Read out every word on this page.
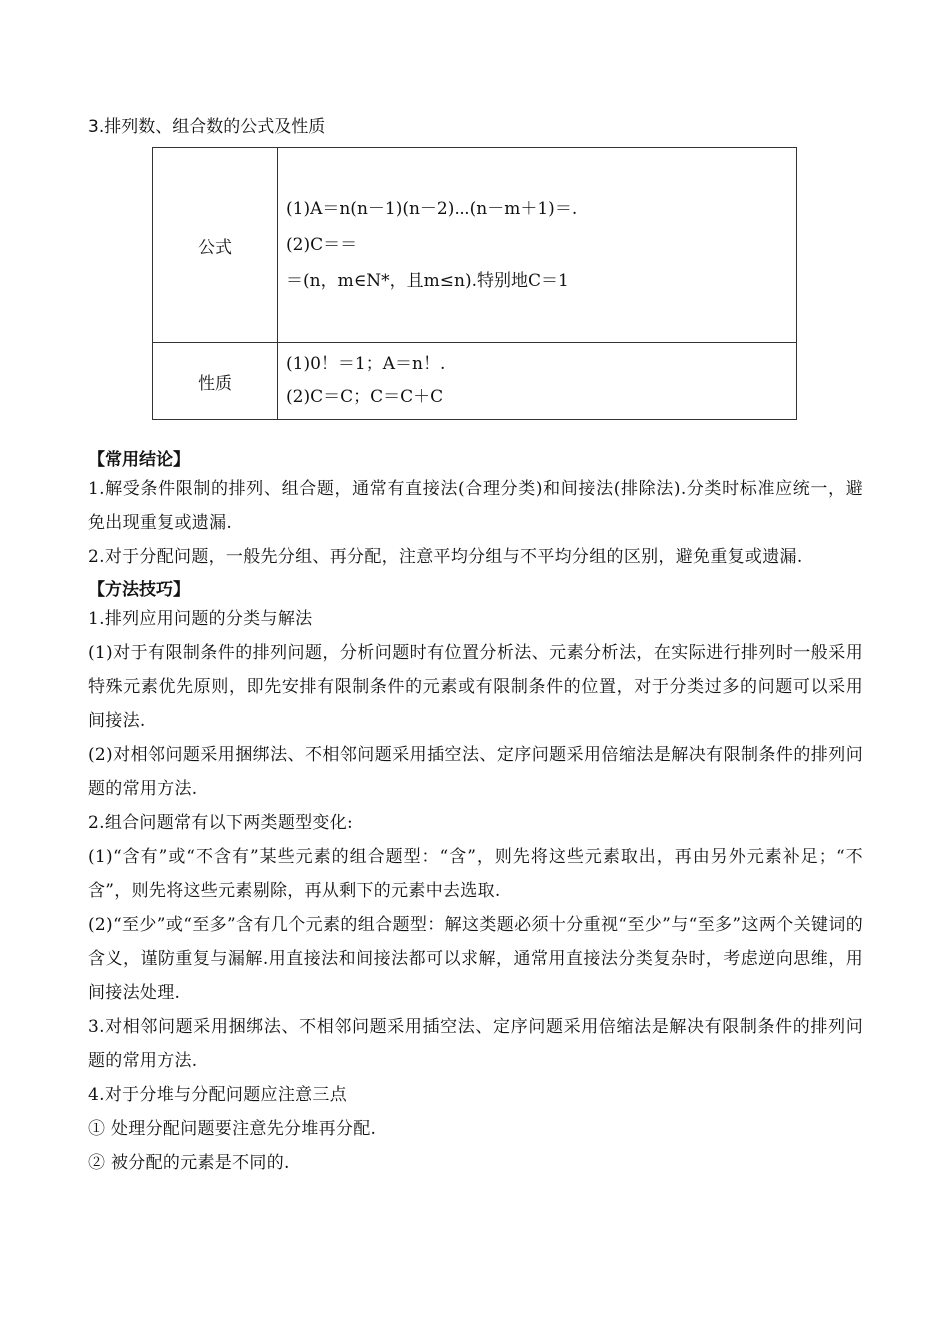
3.排列数、组合数的公式及性质
公式	(1)A＝n(n－1)(n－2)⋯(n－m＋1)＝.
(2)C＝＝
＝(n，m∈N*，且m≤n).特别地C＝1

性质	(1)0！＝1；A＝n！.
(2)C＝C；C＝C＋C
【常用结论】

1.解受条件限制的排列、组合题，通常有直接法(合理分类)和间接法(排除法).分类时标准应统一，避免出现重复或遗漏.

2.对于分配问题，一般先分组、再分配，注意平均分组与不平均分组的区别，避免重复或遗漏.

【方法技巧】

1.排列应用问题的分类与解法

(1)对于有限制条件的排列问题，分析问题时有位置分析法、元素分析法，在实际进行排列时一般采用特殊元素优先原则，即先安排有限制条件的元素或有限制条件的位置，对于分类过多的问题可以采用间接法.

(2)对相邻问题采用捆绑法、不相邻问题采用插空法、定序问题采用倍缩法是解决有限制条件的排列问题的常用方法.

2.组合问题常有以下两类题型变化:

(1)“含有”或“不含有”某些元素的组合题型：“含”，则先将这些元素取出，再由另外元素补足；“不含”，则先将这些元素剔除，再从剩下的元素中去选取.

(2)“至少”或“至多”含有几个元素的组合题型：解这类题必须十分重视“至少”与“至多”这两个关键词的含义，谨防重复与漏解.用直接法和间接法都可以求解，通常用直接法分类复杂时，考虑逆向思维，用间接法处理.

3.对相邻问题采用捆绑法、不相邻问题采用插空法、定序问题采用倍缩法是解决有限制条件的排列问题的常用方法.

4.对于分堆与分配问题应注意三点

① 处理分配问题要注意先分堆再分配.

② 被分配的元素是不同的.
